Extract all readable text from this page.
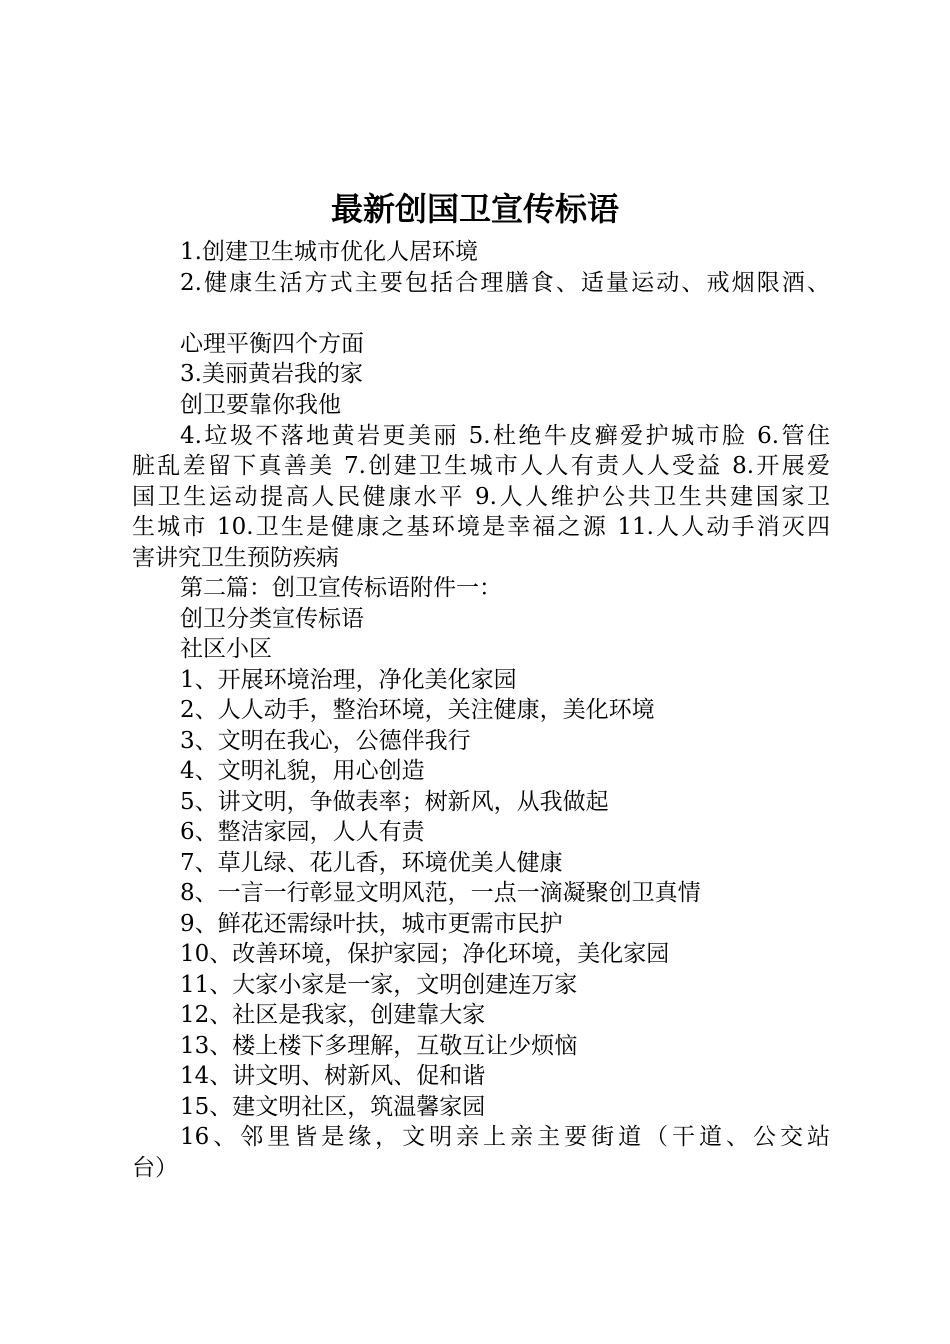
最新创国卫宣传标语

1.创建卫生城市优化人居环境

2.健康生活方式主要包括合理膳食、适量运动、戒烟限酒、

心理平衡四个方面

3.美丽黄岩我的家

创卫要靠你我他

4.垃圾不落地黄岩更美丽 5.杜绝牛皮癣爱护城市脸 6.管住

脏乱差留下真善美 7.创建卫生城市人人有责人人受益 8.开展爱

国卫生运动提高人民健康水平 9.人人维护公共卫生共建国家卫

生城市 10.卫生是健康之基环境是幸福之源 11.人人动手消灭四

害讲究卫生预防疾病

第二篇：创卫宣传标语附件一：

创卫分类宣传标语

社区小区

1、开展环境治理，净化美化家园

2、人人动手，整治环境，关注健康，美化环境

3、文明在我心，公德伴我行

4、文明礼貌，用心创造

5、讲文明，争做表率；树新风，从我做起

6、整洁家园，人人有责

7、草儿绿、花儿香，环境优美人健康

8、一言一行彰显文明风范，一点一滴凝聚创卫真情

9、鲜花还需绿叶扶，城市更需市民护

10、改善环境，保护家园；净化环境，美化家园

11、大家小家是一家，文明创建连万家

12、社区是我家，创建靠大家

13、楼上楼下多理解，互敬互让少烦恼

14、讲文明、树新风、促和谐

15、建文明社区，筑温馨家园

16、邻里皆是缘，文明亲上亲主要街道（干道、公交站

台）
